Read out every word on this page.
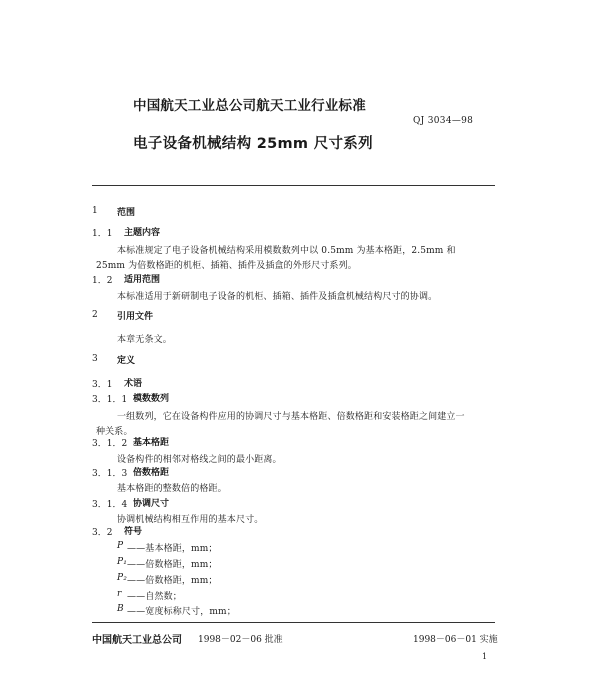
中国航天工业总公司航天工业行业标准
QJ 3034—98
电子设备机械结构 25mm 尺寸系列
1 范围
1．1 主题内容
本标准规定了电子设备机械结构采用模数数列中以 0.5mm 为基本格距，2.5mm 和
25mm 为倍数格距的机柜、插箱、插件及插盒的外形尺寸系列。
1．2 适用范围
本标准适用于新研制电子设备的机柜、插箱、插件及插盒机械结构尺寸的协调。
2 引用文件
本章无条文。
3 定义
3．1 术语
3．1．1 模数数列
一组数列，它在设备构件应用的协调尺寸与基本格距、倍数格距和安装格距之间建立一
种关系。
3．1．2 基本格距
设备构件的相邻对格线之间的最小距离。
3．1．3 倍数格距
基本格距的整数倍的格距。
3．1．4 协调尺寸
协调机械结构相互作用的基本尺寸。
3．2 符号
P ——基本格距，mm；
P₁ ——倍数格距，mm；
P₂ ——倍数格距，mm；
r ——自然数；
B ——宽度标称尺寸，mm；
中国航天工业总公司 1998－02－06 批准	1998－06－01 实施
1
